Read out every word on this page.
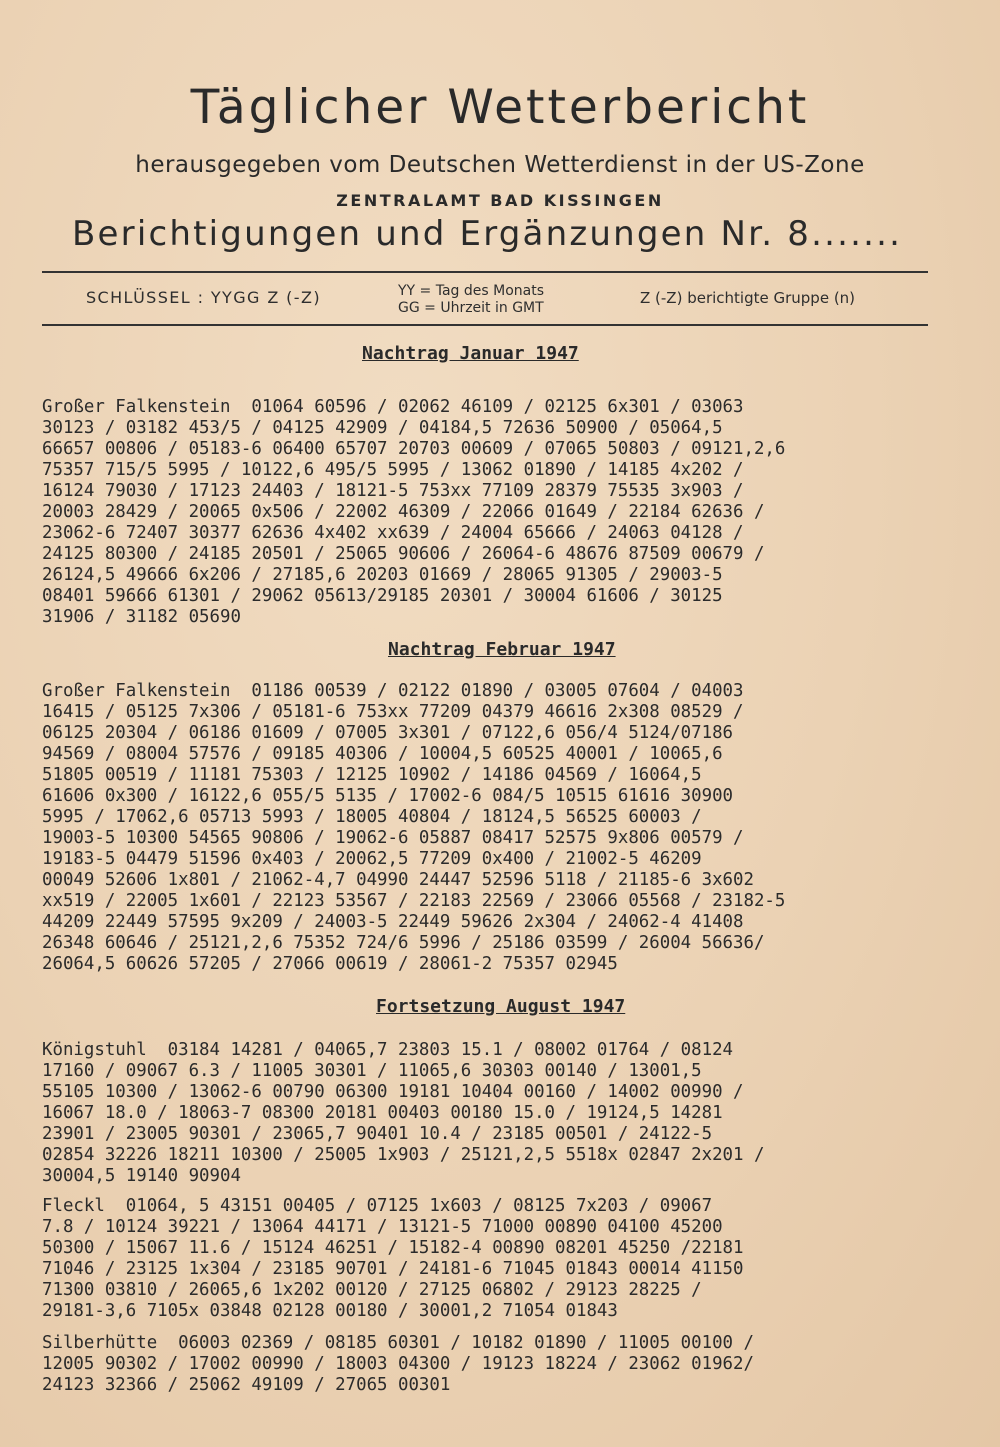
Täglicher Wetterbericht
herausgegeben vom Deutschen Wetterdienst in der US-Zone
ZENTRALAMT BAD KISSINGEN
Berichtigungen und Ergänzungen Nr. 8.......
SCHLÜSSEL : YYGG Z (-Z)	YY = Tag des Monats
GG = Uhrzeit in GMT
Z (-Z) berichtigte Gruppe (n)
Nachtrag Januar 1947
Großer Falkenstein  01064 60596 / 02062 46109 / 02125 6x301 / 03063
30123 / 03182 453/5 / 04125 42909 / 04184,5 72636 50900 / 05064,5
66657 00806 / 05183-6 06400 65707 20703 00609 / 07065 50803 / 09121,2,6
75357 715/5 5995 / 10122,6 495/5 5995 / 13062 01890 / 14185 4x202 /
16124 79030 / 17123 24403 / 18121-5 753xx 77109 28379 75535 3x903 /
20003 28429 / 20065 0x506 / 22002 46309 / 22066 01649 / 22184 62636 /
23062-6 72407 30377 62636 4x402 xx639 / 24004 65666 / 24063 04128 /
24125 80300 / 24185 20501 / 25065 90606 / 26064-6 48676 87509 00679 /
26124,5 49666 6x206 / 27185,6 20203 01669 / 28065 91305 / 29003-5
08401 59666 61301 / 29062 05613/29185 20301 / 30004 61606 / 30125
31906 / 31182 05690
Nachtrag Februar 1947
Großer Falkenstein  01186 00539 / 02122 01890 / 03005 07604 / 04003
16415 / 05125 7x306 / 05181-6 753xx 77209 04379 46616 2x308 08529 /
06125 20304 / 06186 01609 / 07005 3x301 / 07122,6 056/4 5124/07186
94569 / 08004 57576 / 09185 40306 / 10004,5 60525 40001 / 10065,6
51805 00519 / 11181 75303 / 12125 10902 / 14186 04569 / 16064,5
61606 0x300 / 16122,6 055/5 5135 / 17002-6 084/5 10515 61616 30900
5995 / 17062,6 05713 5993 / 18005 40804 / 18124,5 56525 60003 /
19003-5 10300 54565 90806 / 19062-6 05887 08417 52575 9x806 00579 /
19183-5 04479 51596 0x403 / 20062,5 77209 0x400 / 21002-5 46209
00049 52606 1x801 / 21062-4,7 04990 24447 52596 5118 / 21185-6 3x602
xx519 / 22005 1x601 / 22123 53567 / 22183 22569 / 23066 05568 / 23182-5
44209 22449 57595 9x209 / 24003-5 22449 59626 2x304 / 24062-4 41408
26348 60646 / 25121,2,6 75352 724/6 5996 / 25186 03599 / 26004 56636/
26064,5 60626 57205 / 27066 00619 / 28061-2 75357 02945
Fortsetzung August 1947
Königstuhl  03184 14281 / 04065,7 23803 15.1 / 08002 01764 / 08124
17160 / 09067 6.3 / 11005 30301 / 11065,6 30303 00140 / 13001,5
55105 10300 / 13062-6 00790 06300 19181 10404 00160 / 14002 00990 /
16067 18.0 / 18063-7 08300 20181 00403 00180 15.0 / 19124,5 14281
23901 / 23005 90301 / 23065,7 90401 10.4 / 23185 00501 / 24122-5
02854 32226 18211 10300 / 25005 1x903 / 25121,2,5 5518x 02847 2x201 /
30004,5 19140 90904
Fleckl  01064, 5 43151 00405 / 07125 1x603 / 08125 7x203 / 09067
7.8 / 10124 39221 / 13064 44171 / 13121-5 71000 00890 04100 45200
50300 / 15067 11.6 / 15124 46251 / 15182-4 00890 08201 45250 /22181
71046 / 23125 1x304 / 23185 90701 / 24181-6 71045 01843 00014 41150
71300 03810 / 26065,6 1x202 00120 / 27125 06802 / 29123 28225 /
29181-3,6 7105x 03848 02128 00180 / 30001,2 71054 01843
Silberhütte  06003 02369 / 08185 60301 / 10182 01890 / 11005 00100 /
12005 90302 / 17002 00990 / 18003 04300 / 19123 18224 / 23062 01962/
24123 32366 / 25062 49109 / 27065 00301
